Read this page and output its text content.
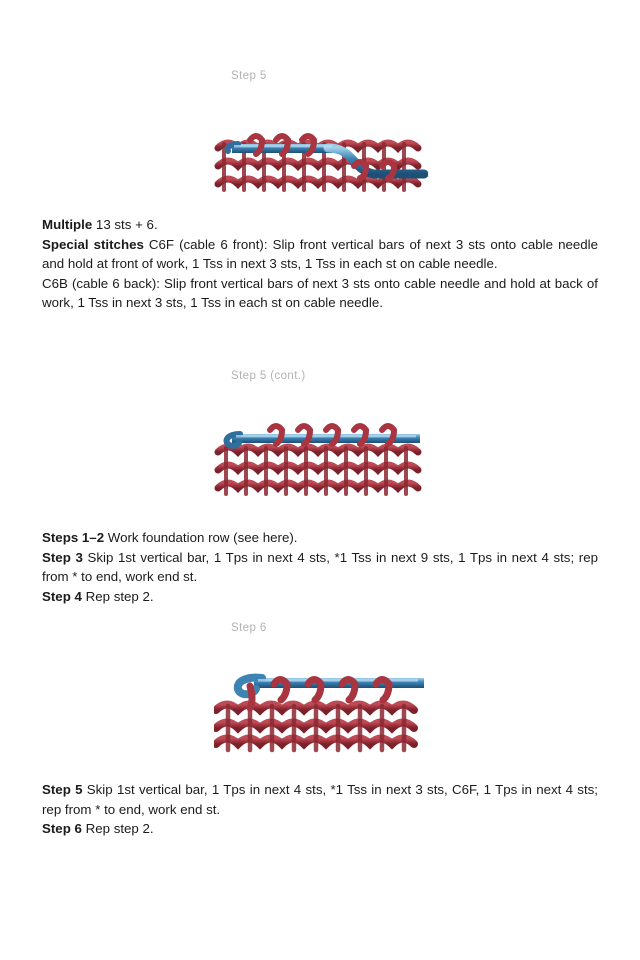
Step 5

Multiple 13 sts + 6.

Special stitches C6F (cable 6 front): Slip front vertical bars of next 3 sts onto cable needle and hold at front of work, 1 Tss in next 3 sts, 1 Tss in each st on cable needle.

C6B (cable 6 back): Slip front vertical bars of next 3 sts onto cable needle and hold at back of work, 1 Tss in next 3 sts, 1 Tss in each st on cable needle.

Step 5 (cont.)

Steps 1–2 Work foundation row (see here).

Step 3 Skip 1st vertical bar, 1 Tps in next 4 sts, *1 Tss in next 9 sts, 1 Tps in next 4 sts; rep from * to end, work end st.

Step 4 Rep step 2.

Step 6

Step 5 Skip 1st vertical bar, 1 Tps in next 4 sts, *1 Tss in next 3 sts, C6F, 1 Tps in next 4 sts; rep from * to end, work end st.

Step 6 Rep step 2.
